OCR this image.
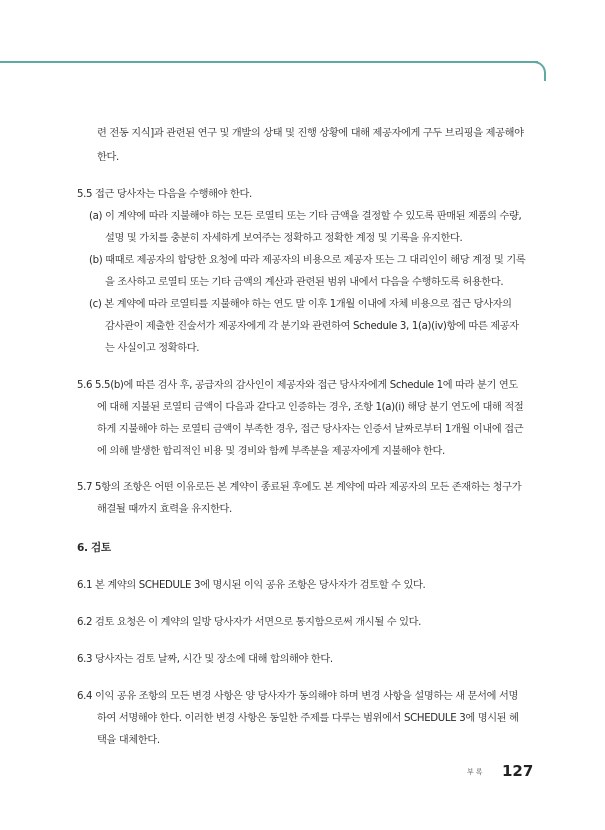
련 전동 지식]과 관련된 연구 및 개발의 상태 및 진행 상황에 대해 제공자에게 구두 브리핑을 제공해야

한다.

5.5 접근 당사자는 다음을 수행해야 한다.

(a) 이 계약에 따라 지불해야 하는 모든 로열티 또는 기타 금액을 결정할 수 있도록 판매된 제품의 수량,

설명 및 가치를 충분히 자세하게 보여주는 정확하고 정확한 계정 및 기록을 유지한다.

(b) 때때로 제공자의 합당한 요청에 따라 제공자의 비용으로 제공자 또는 그 대리인이 해당 계정 및 기록

을 조사하고 로열티 또는 기타 금액의 계산과 관련된 범위 내에서 다음을 수행하도록 허용한다.

(c) 본 계약에 따라 로열티를 지불해야 하는 연도 말 이후 1개월 이내에 자체 비용으로 접근 당사자의

감사관이 제출한 진술서가 제공자에게 각 분기와 관련하여 Schedule 3, 1(a)(iv)항에 따른 제공자

는 사실이고 정확하다.

5.6 5.5(b)에 따른 검사 후, 공급자의 감사인이 제공자와 접근 당사자에게 Schedule 1에 따라 분기 연도

에 대해 지불된 로열티 금액이 다음과 같다고 인증하는 경우, 조항 1(a)(i) 해당 분기 연도에 대해 적절

하게 지불해야 하는 로열티 금액이 부족한 경우, 접근 당사자는 인증서 날짜로부터 1개월 이내에 접근

에 의해 발생한 합리적인 비용 및 경비와 함께 부족분을 제공자에게 지불해야 한다.

5.7 5항의 조항은 어떤 이유로든 본 계약이 종료된 후에도 본 계약에 따라 제공자의 모든 존재하는 청구가

해결될 때까지 효력을 유지한다.

6. 검토

6.1 본 계약의 SCHEDULE 3에 명시된 이익 공유 조항은 당사자가 검토할 수 있다.

6.2 검토 요청은 이 계약의 일방 당사자가 서면으로 통지함으로써 개시될 수 있다.

6.3 당사자는 검토 날짜, 시간 및 장소에 대해 합의해야 한다.

6.4 이익 공유 조항의 모든 변경 사항은 양 당사자가 동의해야 하며 변경 사항을 설명하는 새 문서에 서명

하여 서명해야 한다. 이러한 변경 사항은 동일한 주제를 다루는 범위에서 SCHEDULE 3에 명시된 혜

택을 대체한다.

부록 127
